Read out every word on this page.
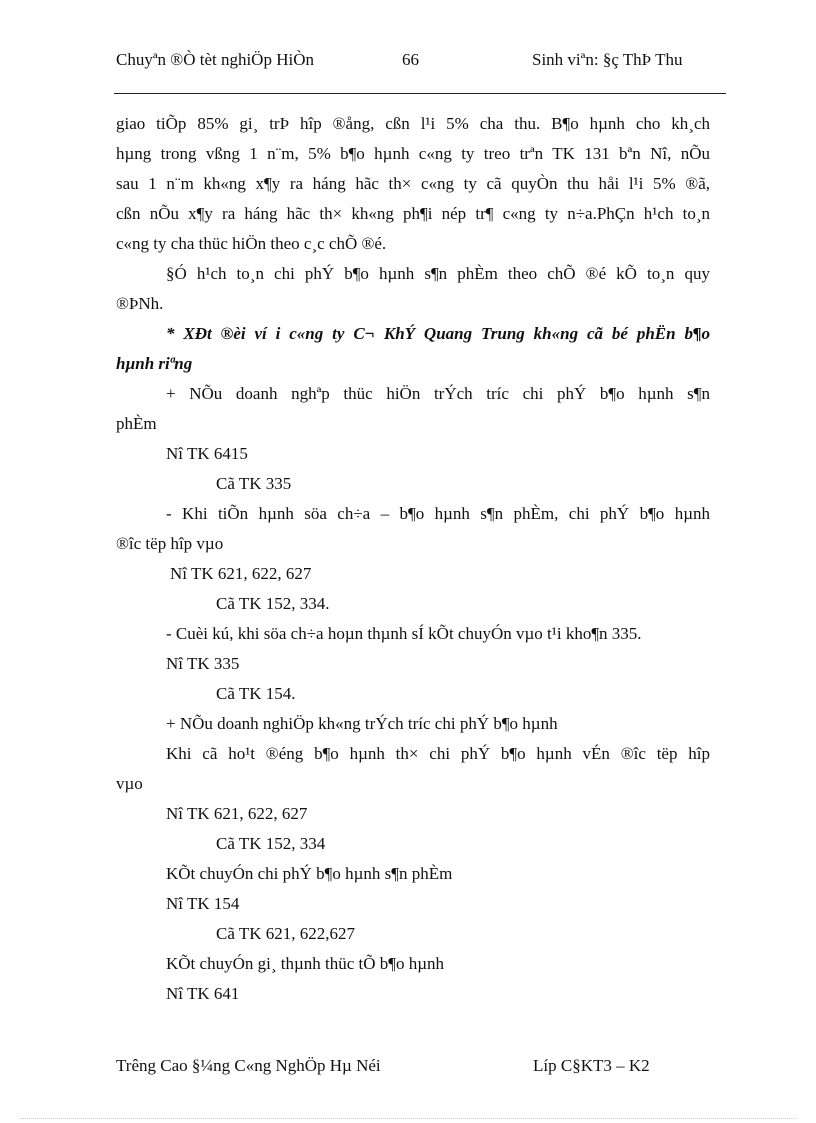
Chuyªn ®Ò tèt nghiÖp HiÒn	66	Sinh viªn: §ç ThÞ Thu
giao tiÕp 85% gi¸ trÞ hîp ®ång, cßn l¹i 5% cha thu. B¶o hµnh cho kh¸ch
hµng trong vßng 1 n¨m, 5% b¶o hµnh c«ng ty treo trªn TK 131 bªn Nî, nÕu
sau 1 n¨m kh«ng x¶y ra háng hãc th× c«ng ty cã quyÒn thu håi l¹i 5% ®ã,
cßn nÕu x¶y ra háng hãc th× kh«ng ph¶i nép tr¶ c«ng ty n÷a.PhÇn h¹ch to¸n
c«ng ty cha thüc hiÖn theo c¸c chÕ ®é.
§Ó h¹ch to¸n chi phÝ b¶o hµnh s¶n phÈm theo chÕ ®é kÕ to¸n quy
®ÞNh.
* XÐt ®èi ví i c«ng ty C¬ KhÝ Quang Trung kh«ng cã bé phËn b¶o
hµnh riªng
+ NÕu doanh nghªp thüc hiÖn trÝch tríc chi phÝ b¶o hµnh s¶n
phÈm
Nî TK 6415
Cã TK 335
- Khi tiÕn hµnh söa ch÷a – b¶o hµnh s¶n phÈm, chi phÝ b¶o hµnh
®îc tëp hîp vµo
Nî TK 621, 622, 627
Cã TK 152, 334.
- Cuèi kú, khi söa ch÷a hoµn thµnh sÍ kÕt chuyÓn vµo t¹i kho¶n 335.
Nî TK 335
Cã TK 154.
+ NÕu doanh nghiÖp kh«ng trÝch tríc chi phÝ b¶o hµnh
Khi cã ho¹t ®éng b¶o hµnh th× chi phÝ b¶o hµnh vÉn ®îc tëp hîp
vµo
Nî TK 621, 622, 627
Cã TK 152, 334
KÕt chuyÓn chi phÝ b¶o hµnh s¶n phÈm
Nî TK 154
Cã TK 621, 622,627
KÕt chuyÓn gi¸ thµnh thüc tÕ b¶o hµnh
Nî TK 641
Trêng Cao §¼ng C«ng NghÖp Hµ Néi	Líp C§KT3 – K2
